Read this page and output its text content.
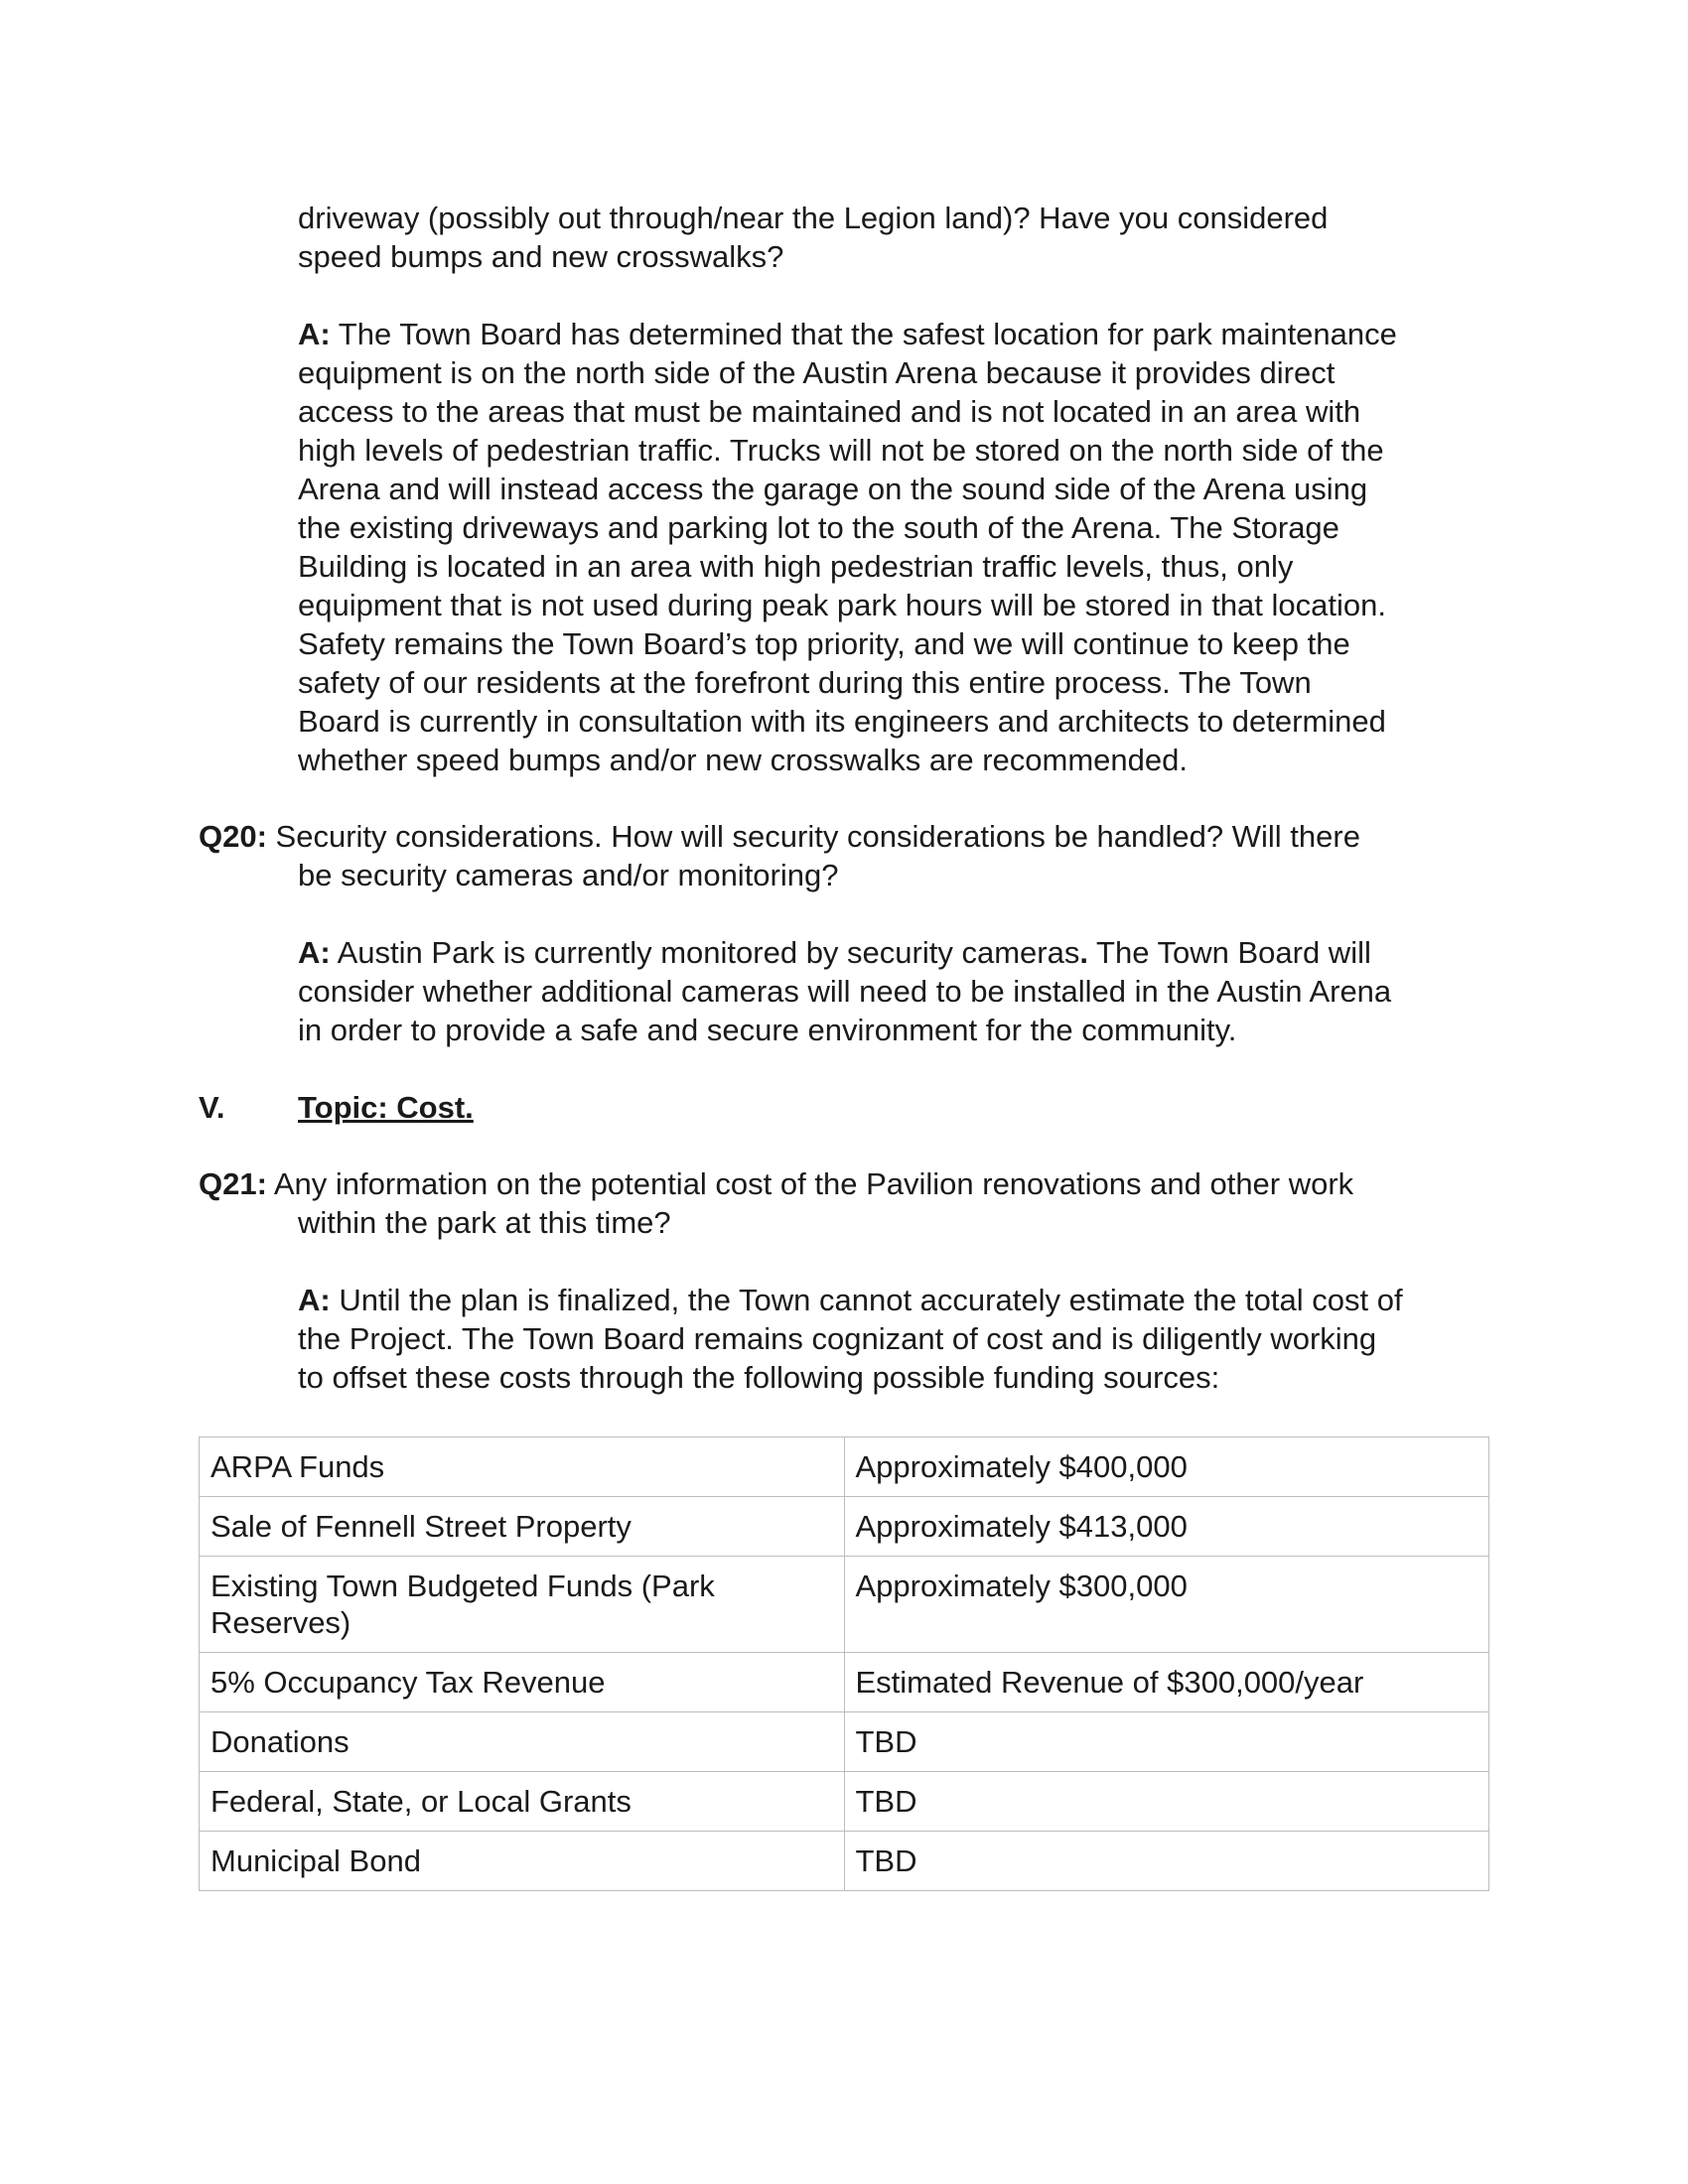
driveway (possibly out through/near the Legion land)? Have you considered
speed bumps and new crosswalks?
A: The Town Board has determined that the safest location for park maintenance
equipment is on the north side of the Austin Arena because it provides direct
access to the areas that must be maintained and is not located in an area with
high levels of pedestrian traffic. Trucks will not be stored on the north side of the
Arena and will instead access the garage on the sound side of the Arena using
the existing driveways and parking lot to the south of the Arena. The Storage
Building is located in an area with high pedestrian traffic levels, thus, only
equipment that is not used during peak park hours will be stored in that location.
Safety remains the Town Board’s top priority, and we will continue to keep the
safety of our residents at the forefront during this entire process. The Town
Board is currently in consultation with its engineers and architects to determined
whether speed bumps and/or new crosswalks are recommended.
Q20: Security considerations. How will security considerations be handled? Will there
be security cameras and/or monitoring?
A: Austin Park is currently monitored by security cameras. The Town Board will
consider whether additional cameras will need to be installed in the Austin Arena
in order to provide a safe and secure environment for the community.
V. Topic: Cost.
Q21: Any information on the potential cost of the Pavilion renovations and other work
within the park at this time?
A: Until the plan is finalized, the Town cannot accurately estimate the total cost of
the Project. The Town Board remains cognizant of cost and is diligently working
to offset these costs through the following possible funding sources:
ARPA Funds	Approximately $400,000
Sale of Fennell Street Property	Approximately $413,000
Existing Town Budgeted Funds (Park Reserves)	Approximately $300,000
5% Occupancy Tax Revenue	Estimated Revenue of $300,000/year
Donations	TBD
Federal, State, or Local Grants	TBD
Municipal Bond	TBD
